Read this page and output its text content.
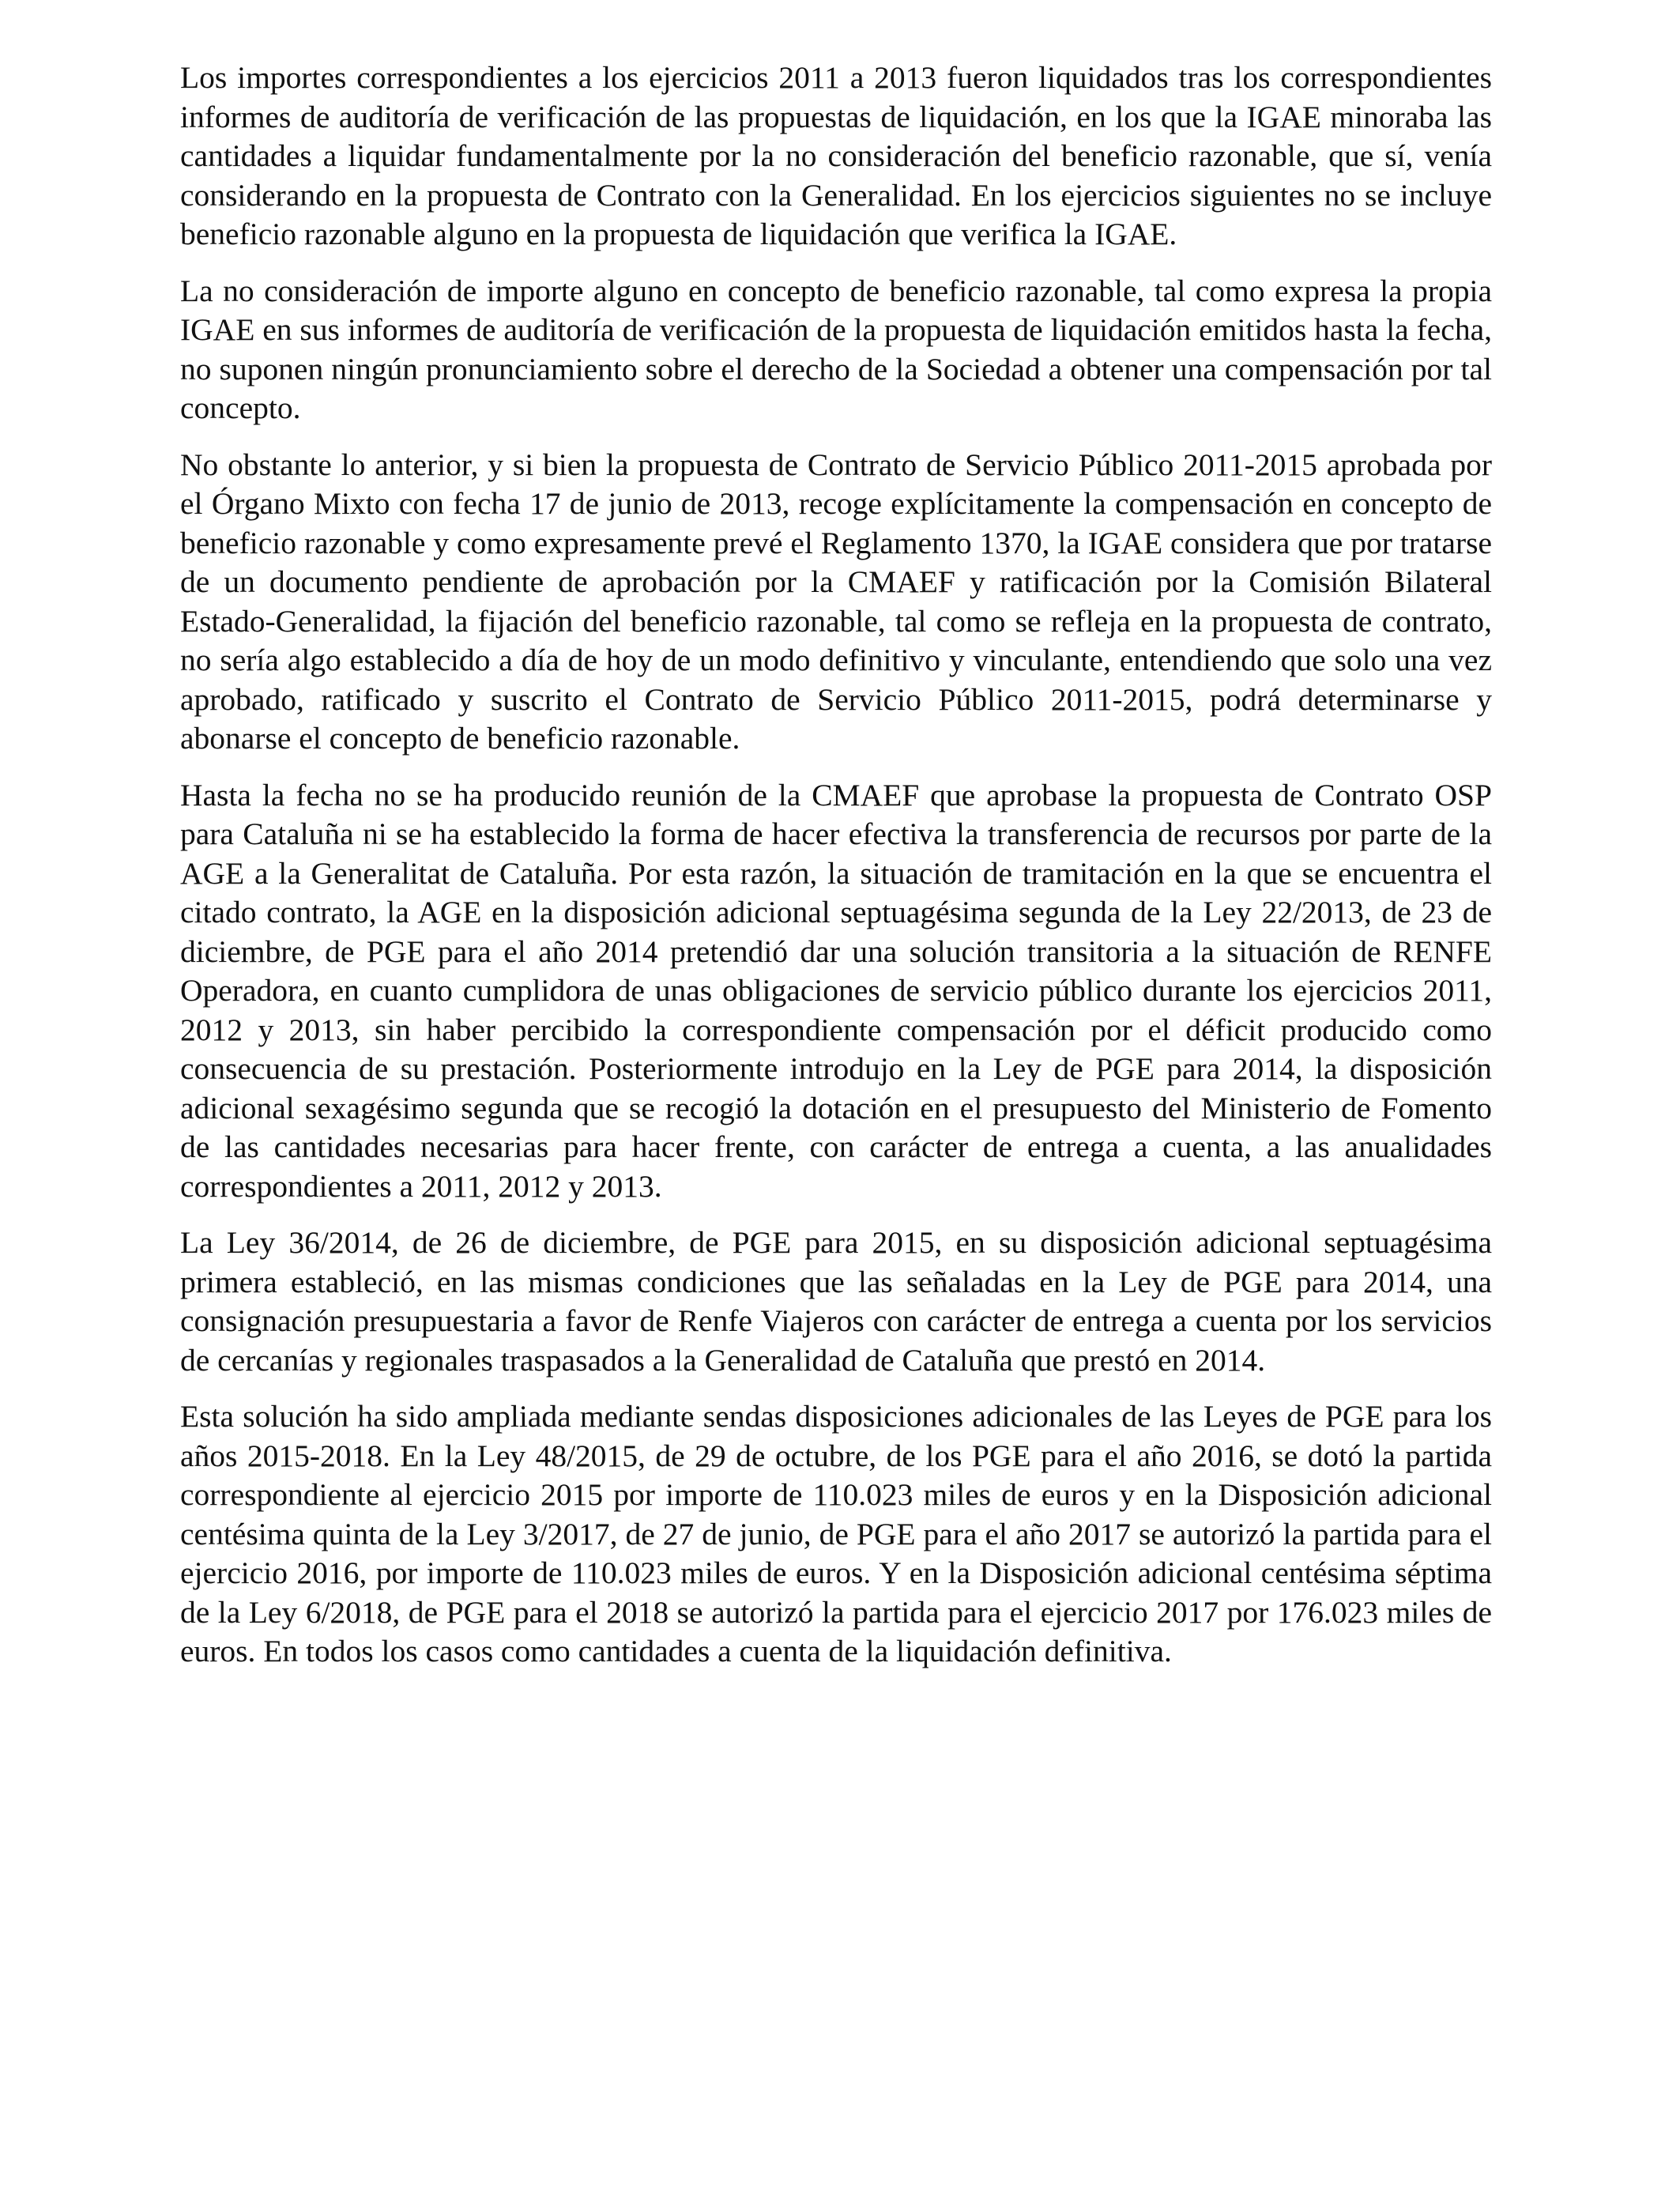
Los importes correspondientes a los ejercicios 2011 a 2013 fueron liquidados tras los correspondientes informes de auditoría de verificación de las propuestas de liquidación, en los que la IGAE minoraba las cantidades a liquidar fundamentalmente por la no consideración del beneficio razonable, que sí, venía considerando en la propuesta de Contrato con la Generalidad. En los ejercicios siguientes no se incluye beneficio razonable alguno en la propuesta de liquidación que verifica la IGAE.

La no consideración de importe alguno en concepto de beneficio razonable, tal como expresa la propia IGAE en sus informes de auditoría de verificación de la propuesta de liquidación emitidos hasta la fecha, no suponen ningún pronunciamiento sobre el derecho de la Sociedad a obtener una compensación por tal concepto.

No obstante lo anterior, y si bien la propuesta de Contrato de Servicio Público 2011-2015 aprobada por el Órgano Mixto con fecha 17 de junio de 2013, recoge explícitamente la compensación en concepto de beneficio razonable y como expresamente prevé el Reglamento 1370, la IGAE considera que por tratarse de un documento pendiente de aprobación por la CMAEF y ratificación por la Comisión Bilateral Estado-Generalidad, la fijación del beneficio razonable, tal como se refleja en la propuesta de contrato, no sería algo establecido a día de hoy de un modo definitivo y vinculante, entendiendo que solo una vez aprobado, ratificado y suscrito el Contrato de Servicio Público 2011-2015, podrá determinarse y abonarse el concepto de beneficio razonable.

Hasta la fecha no se ha producido reunión de la CMAEF que aprobase la propuesta de Contrato OSP para Cataluña ni se ha establecido la forma de hacer efectiva la transferencia de recursos por parte de la AGE a la Generalitat de Cataluña. Por esta razón, la situación de tramitación en la que se encuentra el citado contrato, la AGE en la disposición adicional septuagésima segunda de la Ley 22/2013, de 23 de diciembre, de PGE para el año 2014 pretendió dar una solución transitoria a la situación de RENFE Operadora, en cuanto cumplidora de unas obligaciones de servicio público durante los ejercicios 2011, 2012 y 2013, sin haber percibido la correspondiente compensación por el déficit producido como consecuencia de su prestación. Posteriormente introdujo en la Ley de PGE para 2014, la disposición adicional sexagésimo segunda que se recogió la dotación en el presupuesto del Ministerio de Fomento de las cantidades necesarias para hacer frente, con carácter de entrega a cuenta, a las anualidades correspondientes a 2011, 2012 y 2013.

La Ley 36/2014, de 26 de diciembre, de PGE para 2015, en su disposición adicional septuagésima primera estableció, en las mismas condiciones que las señaladas en la Ley de PGE para 2014, una consignación presupuestaria a favor de Renfe Viajeros con carácter de entrega a cuenta por los servicios de cercanías y regionales traspasados a la Generalidad de Cataluña que prestó en 2014.

Esta solución ha sido ampliada mediante sendas disposiciones adicionales de las Leyes de PGE para los años 2015-2018. En la Ley 48/2015, de 29 de octubre, de los PGE para el año 2016, se dotó la partida correspondiente al ejercicio 2015 por importe de 110.023 miles de euros y en la Disposición adicional centésima quinta de la Ley 3/2017, de 27 de junio, de PGE para el año 2017 se autorizó la partida para el ejercicio 2016, por importe de 110.023 miles de euros. Y en la Disposición adicional centésima séptima de la Ley 6/2018, de PGE para el 2018 se autorizó la partida para el ejercicio 2017 por 176.023 miles de euros. En todos los casos como cantidades a cuenta de la liquidación definitiva.
